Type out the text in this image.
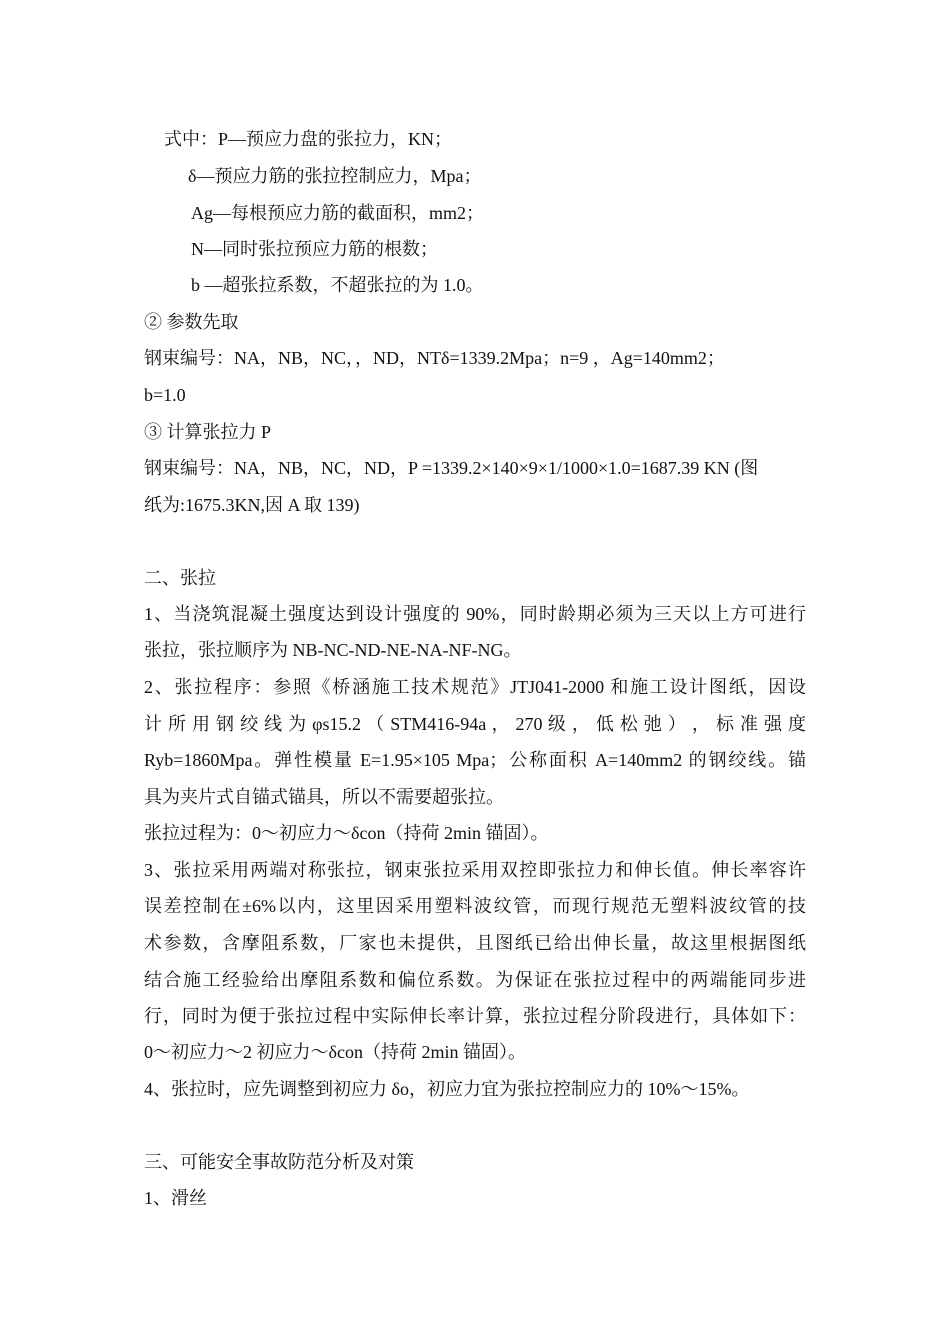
式中：P—预应力盘的张拉力，KN；
δ—预应力筋的张拉控制应力，Mpa；
Ag—每根预应力筋的截面积，mm2；
N—同时张拉预应力筋的根数；
b —超张拉系数，不超张拉的为 1.0。
② 参数先取
钢束编号：NA，NB，NC，，ND，NTδ=1339.2Mpa；n=9 ，Ag=140mm2；
b=1.0
③ 计算张拉力 P
钢束编号：NA，NB，NC，ND，P =1339.2×140×9×1/1000×1.0=1687.39 KN (图
纸为:1675.3KN,因 A 取 139)
二、张拉
1、当浇筑混凝土强度达到设计强度的 90%，同时龄期必须为三天以上方可进行
张拉，张拉顺序为 NB-NC-ND-NE-NA-NF-NG。
2、张拉程序：参照《桥涵施工技术规范》JTJ041-2000 和施工设计图纸，因设
计 所 用 钢 绞 线 为 φs15.2 （ STM416-94a ， 270 级 ， 低 松 弛 ） ， 标 准 强 度
Ryb=1860Mpa。弹性模量 E=1.95×105 Mpa；公称面积 A=140mm2 的钢绞线。锚
具为夹片式自锚式锚具，所以不需要超张拉。
张拉过程为：0～初应力～δcon（持荷 2min 锚固）。
3、张拉采用两端对称张拉，钢束张拉采用双控即张拉力和伸长值。伸长率容许
误差控制在±6%以内，这里因采用塑料波纹管，而现行规范无塑料波纹管的技
术参数，含摩阻系数，厂家也未提供，且图纸已给出伸长量，故这里根据图纸
结合施工经验给出摩阻系数和偏位系数。为保证在张拉过程中的两端能同步进
行，同时为便于张拉过程中实际伸长率计算，张拉过程分阶段进行，具体如下：
0～初应力～2 初应力～δcon（持荷 2min 锚固）。
4、张拉时，应先调整到初应力 δo，初应力宜为张拉控制应力的 10%～15%。
三、可能安全事故防范分析及对策
1、滑丝
